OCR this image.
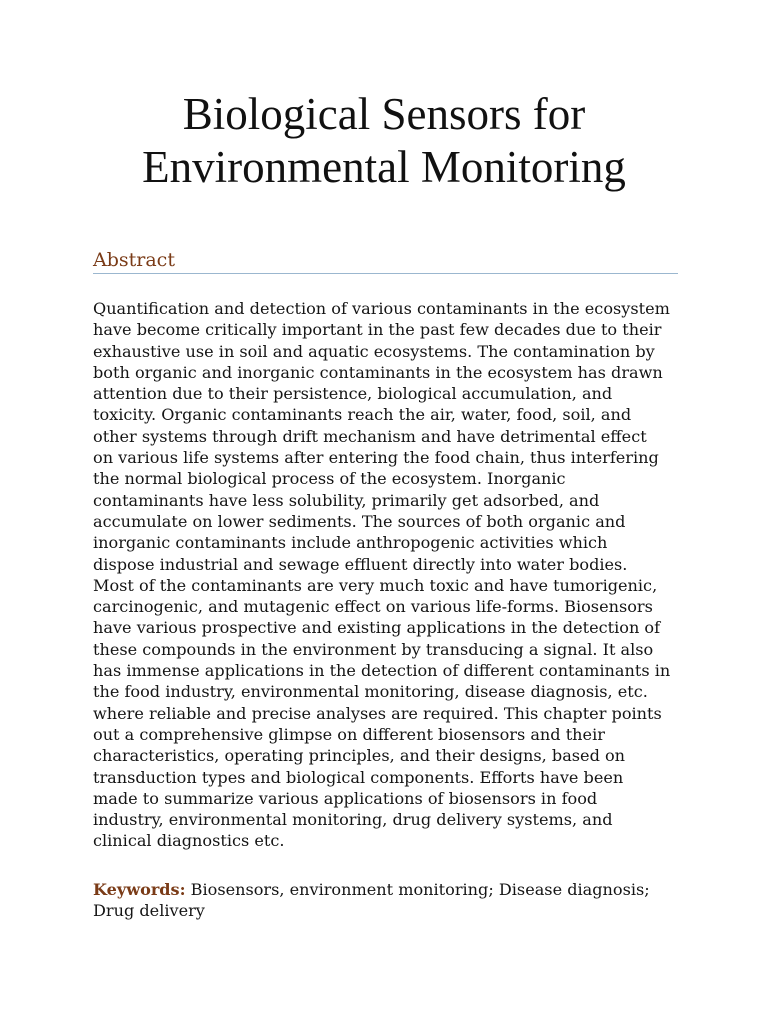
Biological Sensors for
Environmental Monitoring
Abstract

Quantification and detection of various contaminants in the ecosystem
have become critically important in the past few decades due to their
exhaustive use in soil and aquatic ecosystems. The contamination by
both organic and inorganic contaminants in the ecosystem has drawn
attention due to their persistence, biological accumulation, and
toxicity. Organic contaminants reach the air, water, food, soil, and
other systems through drift mechanism and have detrimental effect
on various life systems after entering the food chain, thus interfering
the normal biological process of the ecosystem. Inorganic
contaminants have less solubility, primarily get adsorbed, and
accumulate on lower sediments. The sources of both organic and
inorganic contaminants include anthropogenic activities which
dispose industrial and sewage effluent directly into water bodies.
Most of the contaminants are very much toxic and have tumorigenic,
carcinogenic, and mutagenic effect on various life-forms. Biosensors
have various prospective and existing applications in the detection of
these compounds in the environment by transducing a signal. It also
has immense applications in the detection of different contaminants in
the food industry, environmental monitoring, disease diagnosis, etc.
where reliable and precise analyses are required. This chapter points
out a comprehensive glimpse on different biosensors and their
characteristics, operating principles, and their designs, based on
transduction types and biological components. Efforts have been
made to summarize various applications of biosensors in food
industry, environmental monitoring, drug delivery systems, and
clinical diagnostics etc.

Keywords: Biosensors, environment monitoring; Disease diagnosis;
Drug delivery
